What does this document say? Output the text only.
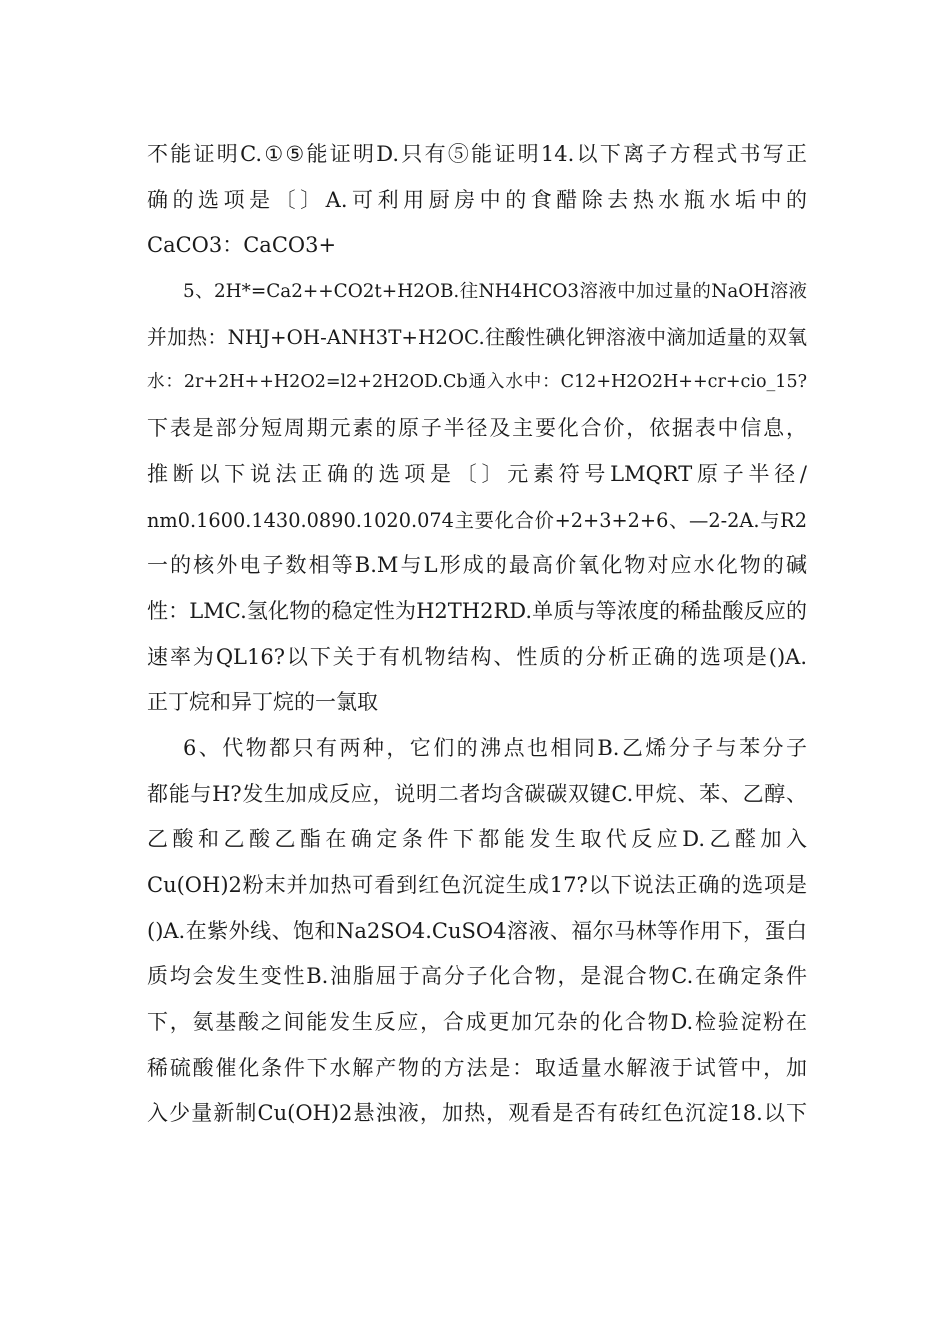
不能证明C.①⑤能证明D.只有⑤能证明14.以下离子方程式书写正
确的选项是〔〕A.可利用厨房中的食醋除去热水瓶水垢中的
CaCO3：CaCO3+
5、2H*=Ca2++CO2t+H2OB.往NH4HCO3溶液中加过量的NaOH溶液
并加热：NHJ+OH-ANH3T+H2OC.往酸性碘化钾溶液中滴加适量的双氧
水：2r+2H++H2O2=l2+2H2OD.Cb通入水中：C12+H2O2H++cr+cio_15?
下表是部分短周期元素的原子半径及主要化合价，依据表中信息，
推断以下说法正确的选项是〔〕元素符号LMQRT原子半径/
nm0.1600.1430.0890.1020.074主要化合价+2+3+2+6、—2-2A.与R2
一的核外电子数相等B.M与L形成的最高价氧化物对应水化物的碱
性：LMC.氢化物的稳定性为H2TH2RD.单质与等浓度的稀盐酸反应的
速率为QL16?以下关于有机物结构、性质的分析正确的选项是()A.
正丁烷和异丁烷的一氯取
6、代物都只有两种，它们的沸点也相同B.乙烯分子与苯分子
都能与H?发生加成反应，说明二者均含碳碳双键C.甲烷、苯、乙醇、
乙酸和乙酸乙酯在确定条件下都能发生取代反应D.乙醛加入
Cu(OH)2粉末并加热可看到红色沉淀生成17?以下说法正确的选项是
()A.在紫外线、饱和Na2SO4.CuSO4溶液、福尔马林等作用下，蛋白
质均会发生变性B.油脂屈于高分子化合物，是混合物C.在确定条件
下，氨基酸之间能发生反应，合成更加冗杂的化合物D.检验淀粉在
稀硫酸催化条件下水解产物的方法是：取适量水解液于试管中，加
入少量新制Cu(OH)2悬浊液，加热，观看是否有砖红色沉淀18.以下
